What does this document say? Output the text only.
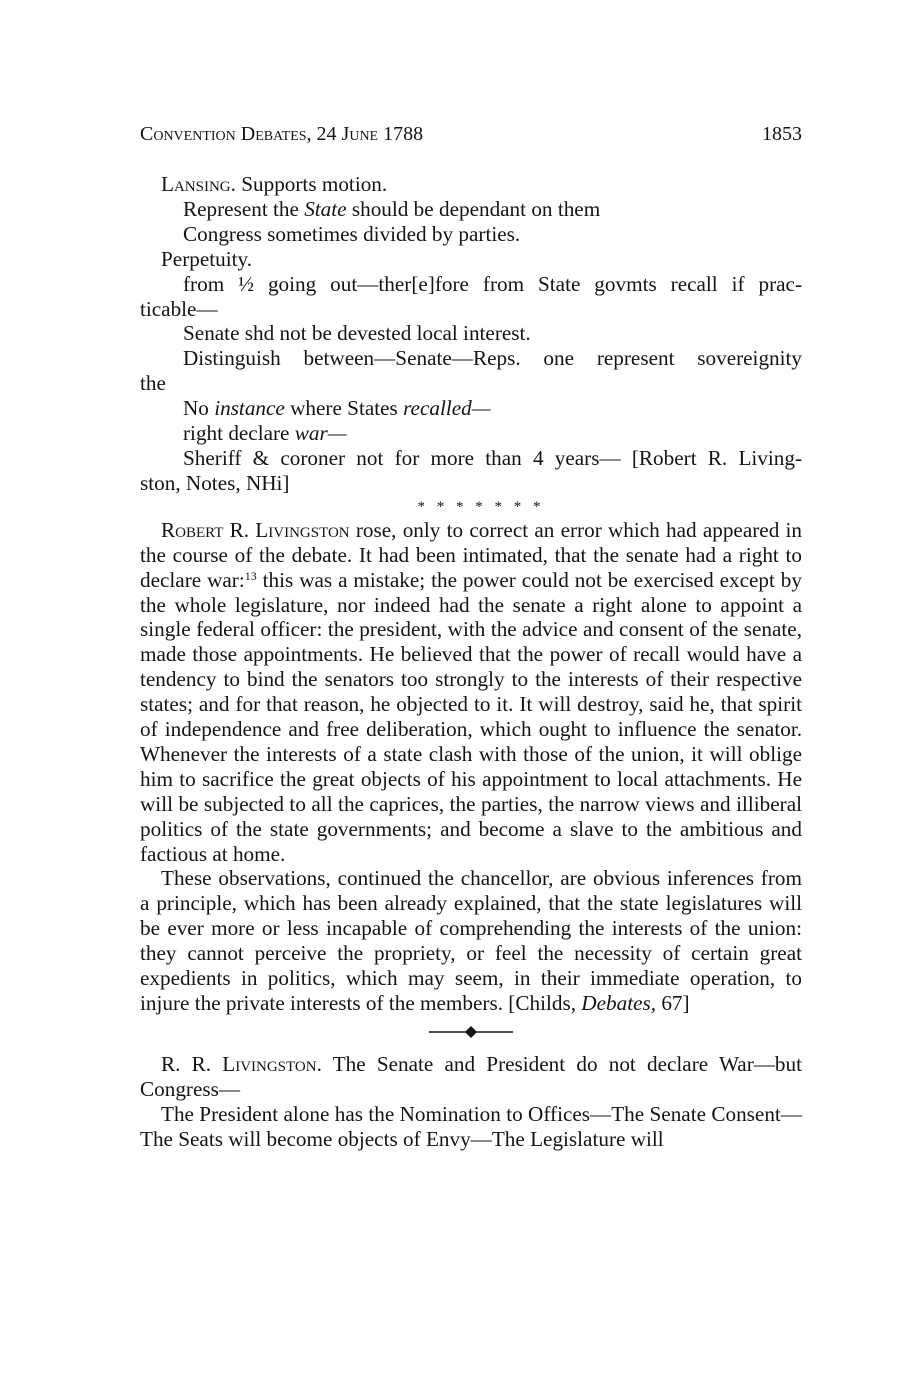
Convention Debates, 24 June 1788	1853

Lansing. Supports motion.

Represent the State should be dependant on them

Congress sometimes divided by parties.

Perpetuity.

from ½ going out—ther[e]fore from State govmts recall if prac-

ticable—

Senate shd not be devested local interest.

Distinguish between—Senate—Reps. one represent sovereignity

the

No instance where States recalled—

right declare war—

Sheriff & coroner not for more than 4 years— [Robert R. Living-

ston, Notes, NHi]

* * * * * * *

Robert R. Livingston rose, only to correct an error which had appeared in the course of the debate. It had been intimated, that the senate had a right to declare war:$^{13}$ this was a mistake; the power could not be exercised except by the whole legislature, nor indeed had the senate a right alone to appoint a single federal officer: the president, with the advice and consent of the senate, made those appointments. He believed that the power of recall would have a tendency to bind the senators too strongly to the interests of their respective states; and for that reason, he objected to it. It will destroy, said he, that spirit of independence and free deliberation, which ought to influence the senator. Whenever the interests of a state clash with those of the union, it will oblige him to sacrifice the great objects of his appointment to local attachments. He will be subjected to all the caprices, the parties, the narrow views and illiberal politics of the state governments; and become a slave to the ambitious and factious at home.

These observations, continued the chancellor, are obvious inferences from a principle, which has been already explained, that the state legislatures will be ever more or less incapable of comprehending the interests of the union: they cannot perceive the propriety, or feel the necessity of certain great expedients in politics, which may seem, in their immediate operation, to injure the private interests of the members. [Childs, Debates, 67]

R. R. Livingston. The Senate and President do not declare War—but Congress—

The President alone has the Nomination to Offices—The Senate Consent—The Seats will become objects of Envy—The Legislature will
